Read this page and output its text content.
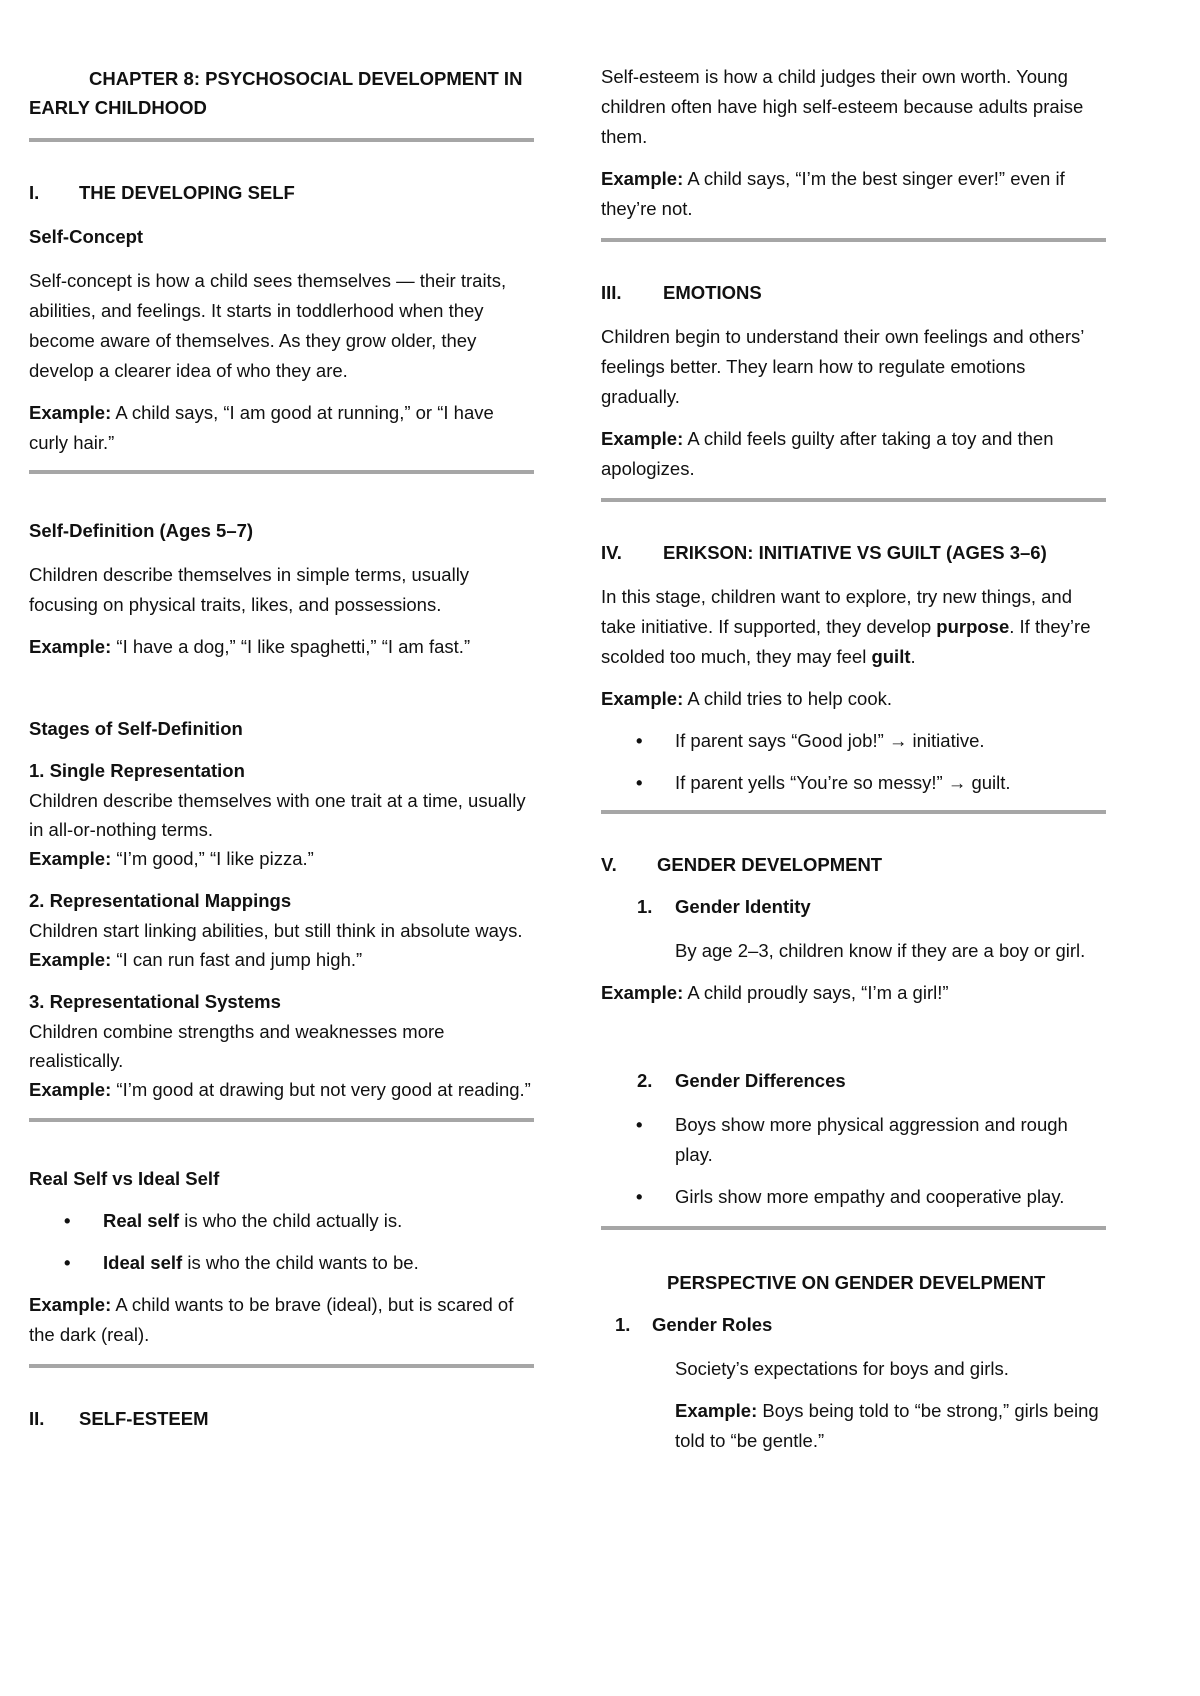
CHAPTER 8: PSYCHOSOCIAL DEVELOPMENT IN
EARLY CHILDHOOD

I. THE DEVELOPING SELF

Self-Concept

Self-concept is how a child sees themselves — their traits, abilities, and feelings. It starts in toddlerhood when they become aware of themselves. As they grow older, they develop a clearer idea of who they are.

Example: A child says, “I am good at running,” or “I have curly hair.”

Self-Definition (Ages 5–7)

Children describe themselves in simple terms, usually focusing on physical traits, likes, and possessions.

Example: “I have a dog,” “I like spaghetti,” “I am fast.”

Stages of Self-Definition

1. Single Representation

Children describe themselves with one trait at a time, usually in all-or-nothing terms.

Example: “I’m good,” “I like pizza.”

2. Representational Mappings

Children start linking abilities, but still think in absolute ways.

Example: “I can run fast and jump high.”

3. Representational Systems

Children combine strengths and weaknesses more realistically.

Example: “I’m good at drawing but not very good at reading.”

Real Self vs Ideal Self

• Real self is who the child actually is.

• Ideal self is who the child wants to be.

Example: A child wants to be brave (ideal), but is scared of the dark (real).

II. SELF-ESTEEM

Self-esteem is how a child judges their own worth. Young children often have high self-esteem because adults praise them.

Example: A child says, “I’m the best singer ever!” even if they’re not.

III. EMOTIONS

Children begin to understand their own feelings and others’ feelings better. They learn how to regulate emotions gradually.

Example: A child feels guilty after taking a toy and then apologizes.

IV. ERIKSON: INITIATIVE VS GUILT (AGES 3–6)

In this stage, children want to explore, try new things, and take initiative. If supported, they develop purpose. If they’re scolded too much, they may feel guilt.

Example: A child tries to help cook.

• If parent says “Good job!” → initiative.

• If parent yells “You’re so messy!” → guilt.

V. GENDER DEVELOPMENT

1. Gender Identity

By age 2–3, children know if they are a boy or girl.

Example: A child proudly says, “I’m a girl!”

2. Gender Differences

• Boys show more physical aggression and rough play.

• Girls show more empathy and cooperative play.

PERSPECTIVE ON GENDER DEVELPMENT

1. Gender Roles

Society’s expectations for boys and girls.

Example: Boys being told to “be strong,” girls being told to “be gentle.”
